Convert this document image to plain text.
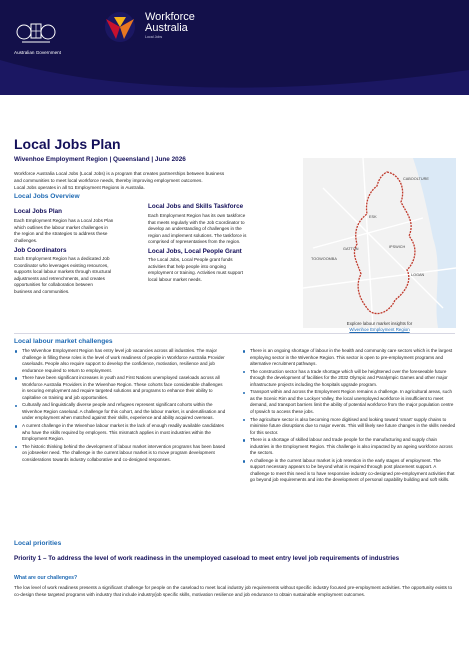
Australian Government
Workforce
Australia
Local Jobs
Local Jobs Plan
Wivenhoe Employment Region | Queensland | June 2026

Workforce Australia Local Jobs (Local Jobs) is a program that creates partnerships between business

and communities to meet local workforce needs, thereby improving employment outcomes.

Local Jobs operates in all 51 Employment Regions in Australia.

Local Jobs Overview
Local Jobs Plan
Each Employment Region has a Local Jobs Plan
which outlines the labour market challenges in
the region and the strategies to address these
challenges.
Job Coordinators
Each Employment Region has a dedicated Job
Coordinator who leverages existing resources,
supports local labour markets through structural
adjustments and retrenchments, and creates
opportunities for collaboration between
business and communities.
Local Jobs and Skills Taskforce
Each Employment Region has its own taskforce
that meets regularly with the Job Coordinator to
develop an understanding of challenges in the
region and implement solutions. The taskforce is
comprised of representatives from the region.
Local Jobs, Local People Grant
The Local Jobs, Local People grant funds
activities that help people into ongoing
employment or training. Activities must support
local labour market needs.
CABOOLTURE
TOOWOOMBA
IPSWICH
LOGAN
GATTON
ESK
Explore labour market insights for
Wivenhoe Employment Region
Local labour market challenges
The Wivenhoe Employment Region has entry level job vacancies across all industries. The major challenge in filling these roles is the level of work readiness of people in Workforce Australia Provider caseloads. People also require support to develop the confidence, motivation, resilience and job endurance required to return to employment.
There have been significant increases in youth and First Nations unemployed caseloads across all Workforce Australia Providers in the Wivenhoe Region. These cohorts face considerable challenges in securing employment and require targeted solutions and programs to enhance their ability to capitalise on training and job opportunities.
Culturally and linguistically diverse people and refugees represent significant cohorts within the Wivenhoe Region caseload. A challenge for this cohort, and the labour market, is underutilisation and under employment when matched against their skills, experience and ability acquired overseas.
A current challenge in the Wivenhoe labour market is the lack of enough readily available candidates who have the skills required by employers. This mismatch applies in most industries within the Employment Region.
The historic thinking behind the development of labour market intervention programs has been based on jobseeker need. The challenge in the current labour market is to move program development considerations towards industry collaborative and co-designed responses.
There is an ongoing shortage of labour in the health and community care sectors which is the largest employing sector in the Wivenhoe Region. This sector is open to pre-employment programs and alternative recruitment pathways.
The construction sector has a trade shortage which will be heightened over the foreseeable future through the development of facilities for the 2032 Olympic and Paralympic Games and other major infrastructure projects including the hospitals upgrade program.
Transport within and across the Employment Region remains a challenge. In agricultural areas, such as the Scenic Rim and the Lockyer Valley, the local unemployed workforce is insufficient to meet demand, and transport barriers limit the ability of potential workforce from the major population centre of Ipswich to access these jobs.
The agriculture sector is also becoming more digitised and looking toward 'smart' supply chains to minimise future disruptions due to major events. This will likely see future changes in the skills needed for this sector.
There is a shortage of skilled labour and trade people for the manufacturing and supply chain industries in the Employment Region. This challenge is also impacted by an ageing workforce across the sectors.
A challenge in the current labour market is job retention in the early stages of employment. The support necessary appears to be beyond what is required through post placement support. A challenge to meet this need is to have responsive industry co-designed pre-employment activities that go beyond job requirements and into the development of personal capability building and soft skills.
Local priorities
Priority 1 – To address the level of work readiness in the unemployed caseload to meet entry level job requirements of industries
What are our challenges?
The low level of work readiness presents a significant challenge for people on the caseload to meet local industry job requirements without specific industry focused pre-employment activities. The opportunity exists to co-design these targeted programs with industry that include industry/job specific skills, motivation resilience and job endurance to obtain sustainable employment outcomes.
